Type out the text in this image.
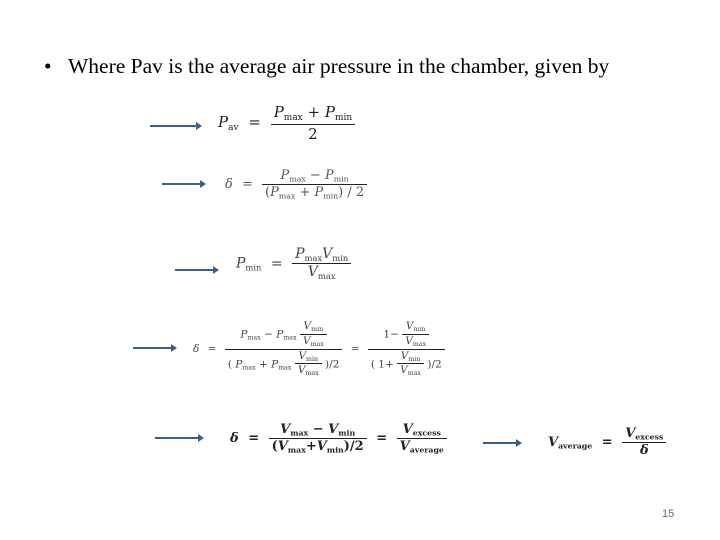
• Where Pav is the average air pressure in the chamber, given by
$P_{av} = \frac{P_{max} + P_{min}}{2}$
$\delta = \frac{P_{max} - P_{min}}{(P_{max} + P_{min}) / 2}$
$P_{min} = \frac{P_{max}V_{min}}{V_{max}}$
$\delta = \frac{P_{max} - P_{max} \frac{V_{min}}{V_{max}}}{( P_{max} + P_{max} \frac{V_{min}}{V_{max}} )/2} = \frac{1- \frac{V_{min}}{V_{max}}}{( 1+ \frac{V_{min}}{V_{max}} )/2}$
$\delta = \frac{V_{max} - V_{min}}{(V_{max}+V_{min})/2} = \frac{V_{excess}}{V_{average}}$	$V_{average} = \frac{V_{excess}}{\delta}$
15
